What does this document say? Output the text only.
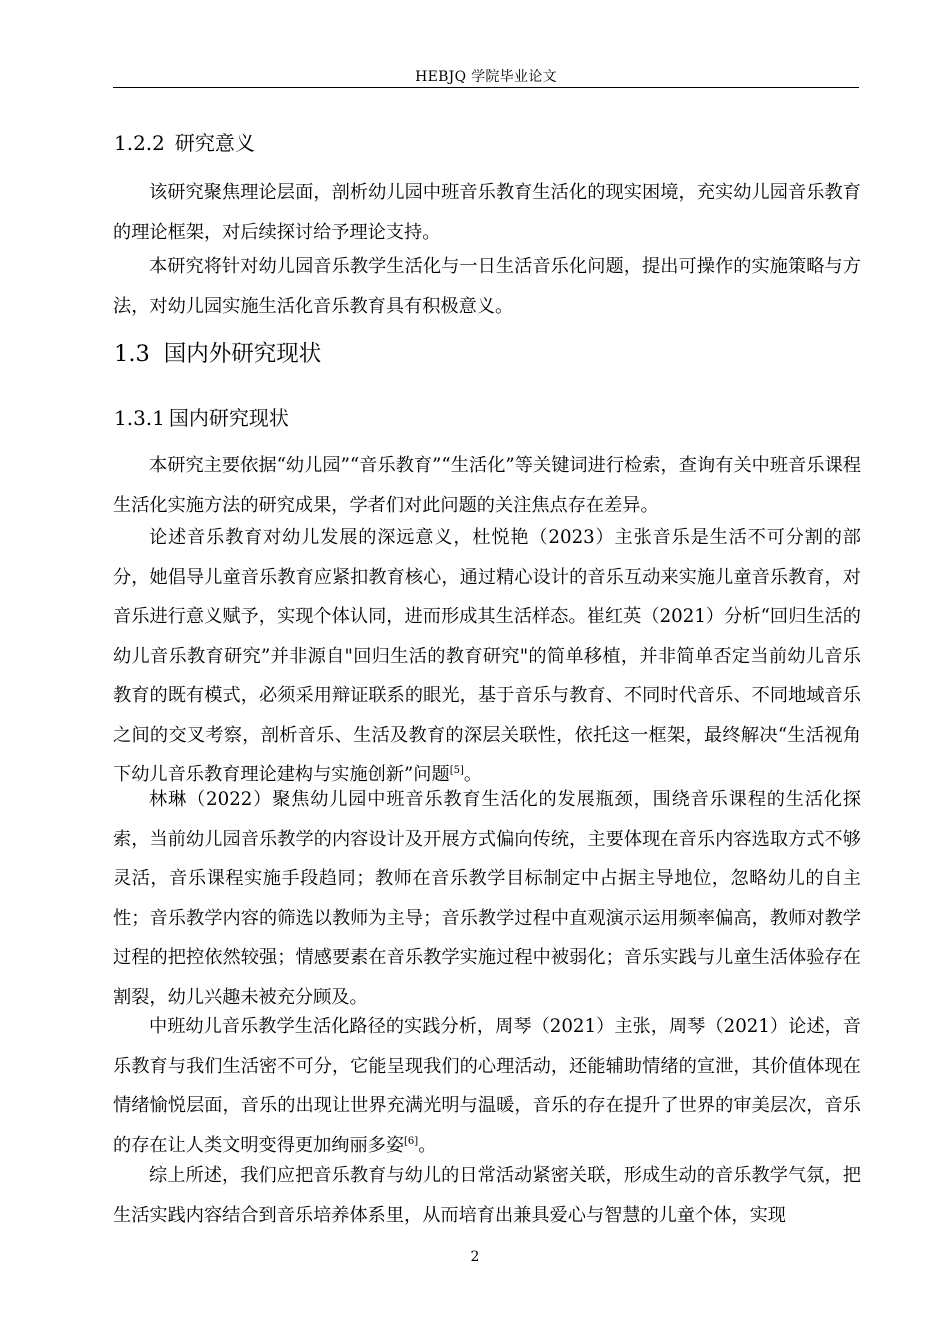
HEBJQ 学院毕业论文
1.2.2 研究意义

该研究聚焦理论层面，剖析幼儿园中班音乐教育生活化的现实困境，充实幼儿园音乐教育的理论框架，对后续探讨给予理论支持。

本研究将针对幼儿园音乐教学生活化与一日生活音乐化问题，提出可操作的实施策略与方法，对幼儿园实施生活化音乐教育具有积极意义。

1.3 国内外研究现状
1.3.1 国内研究现状

本研究主要依据“幼儿园”“音乐教育”“生活化”等关键词进行检索，查询有关中班音乐课程生活化实施方法的研究成果，学者们对此问题的关注焦点存在差异。

论述音乐教育对幼儿发展的深远意义，杜悦艳（2023）主张音乐是生活不可分割的部分，她倡导儿童音乐教育应紧扣教育核心，通过精心设计的音乐互动来实施儿童音乐教育，对音乐进行意义赋予，实现个体认同，进而形成其生活样态。崔红英（2021）分析“回归生活的幼儿音乐教育研究”并非源自"回归生活的教育研究"的简单移植，并非简单否定当前幼儿音乐教育的既有模式，必须采用辩证联系的眼光，基于音乐与教育、不同时代音乐、不同地域音乐之间的交叉考察，剖析音乐、生活及教育的深层关联性，依托这一框架，最终解决“生活视角下幼儿音乐教育理论建构与实施创新”问题[5]。

林琳（2022）聚焦幼儿园中班音乐教育生活化的发展瓶颈，围绕音乐课程的生活化探索，当前幼儿园音乐教学的内容设计及开展方式偏向传统，主要体现在音乐内容选取方式不够灵活，音乐课程实施手段趋同；教师在音乐教学目标制定中占据主导地位，忽略幼儿的自主性；音乐教学内容的筛选以教师为主导；音乐教学过程中直观演示运用频率偏高，教师对教学过程的把控依然较强；情感要素在音乐教学实施过程中被弱化；音乐实践与儿童生活体验存在割裂，幼儿兴趣未被充分顾及。

中班幼儿音乐教学生活化路径的实践分析，周琴（2021）主张，周琴（2021）论述，音乐教育与我们生活密不可分，它能呈现我们的心理活动，还能辅助情绪的宣泄，其价值体现在情绪愉悦层面，音乐的出现让世界充满光明与温暖，音乐的存在提升了世界的审美层次，音乐的存在让人类文明变得更加绚丽多姿[6]。

综上所述，我们应把音乐教育与幼儿的日常活动紧密关联，形成生动的音乐教学气氛，把生活实践内容结合到音乐培养体系里，从而培育出兼具爱心与智慧的儿童个体，实现

2
